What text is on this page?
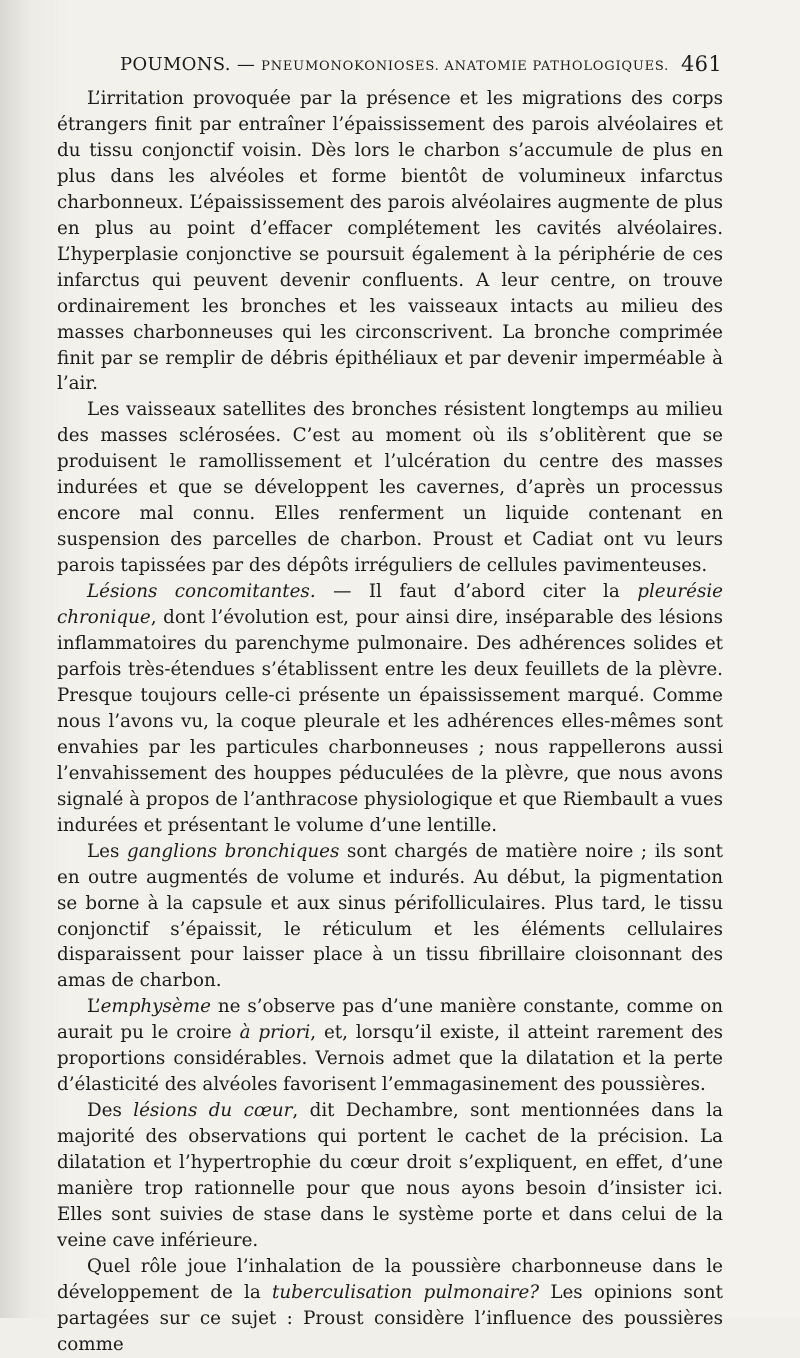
POUMONS. — PNEUMONOKONIOSES. ANATOMIE PATHOLOGIQUES. 461

L’irritation provoquée par la présence et les migrations des corps étrangers finit par entraîner l’épaississement des parois alvéolaires et du tissu conjonctif voisin. Dès lors le charbon s’accumule de plus en plus dans les alvéoles et forme bientôt de volumineux infarctus charbonneux. L’épaississement des parois alvéolaires augmente de plus en plus au point d’effacer complétement les cavités alvéolaires. L’hyperplasie conjonctive se poursuit également à la périphérie de ces infarctus qui peuvent devenir confluents. A leur centre, on trouve ordinairement les bronches et les vaisseaux intacts au milieu des masses charbonneuses qui les circonscrivent. La bronche comprimée finit par se remplir de débris épithéliaux et par devenir imperméable à l’air.

Les vaisseaux satellites des bronches résistent longtemps au milieu des masses sclérosées. C’est au moment où ils s’oblitèrent que se produisent le ramollissement et l’ulcération du centre des masses indurées et que se développent les cavernes, d’après un processus encore mal connu. Elles renferment un liquide contenant en suspension des parcelles de charbon. Proust et Cadiat ont vu leurs parois tapissées par des dépôts irréguliers de cellules pavimenteuses.

Lésions concomitantes. — Il faut d’abord citer la pleurésie chronique, dont l’évolution est, pour ainsi dire, inséparable des lésions inflammatoires du parenchyme pulmonaire. Des adhérences solides et parfois très-étendues s’établissent entre les deux feuillets de la plèvre. Presque toujours celle-ci présente un épaississement marqué. Comme nous l’avons vu, la coque pleurale et les adhérences elles-mêmes sont envahies par les particules charbonneuses ; nous rappellerons aussi l’envahissement des houppes péduculées de la plèvre, que nous avons signalé à propos de l’anthracose physiologique et que Riembault a vues indurées et présentant le volume d’une lentille.

Les ganglions bronchiques sont chargés de matière noire ; ils sont en outre augmentés de volume et indurés. Au début, la pigmentation se borne à la capsule et aux sinus périfolliculaires. Plus tard, le tissu conjonctif s’épaissit, le réticulum et les éléments cellulaires disparaissent pour laisser place à un tissu fibrillaire cloisonnant des amas de charbon.

L’emphysème ne s’observe pas d’une manière constante, comme on aurait pu le croire à priori, et, lorsqu’il existe, il atteint rarement des proportions considérables. Vernois admet que la dilatation et la perte d’élasticité des alvéoles favorisent l’emmagasinement des poussières.

Des lésions du cœur, dit Dechambre, sont mentionnées dans la majorité des observations qui portent le cachet de la précision. La dilatation et l’hypertrophie du cœur droit s’expliquent, en effet, d’une manière trop rationnelle pour que nous ayons besoin d’insister ici. Elles sont suivies de stase dans le système porte et dans celui de la veine cave inférieure.

Quel rôle joue l’inhalation de la poussière charbonneuse dans le développement de la tuberculisation pulmonaire? Les opinions sont partagées sur ce sujet : Proust considère l’influence des poussières comme
